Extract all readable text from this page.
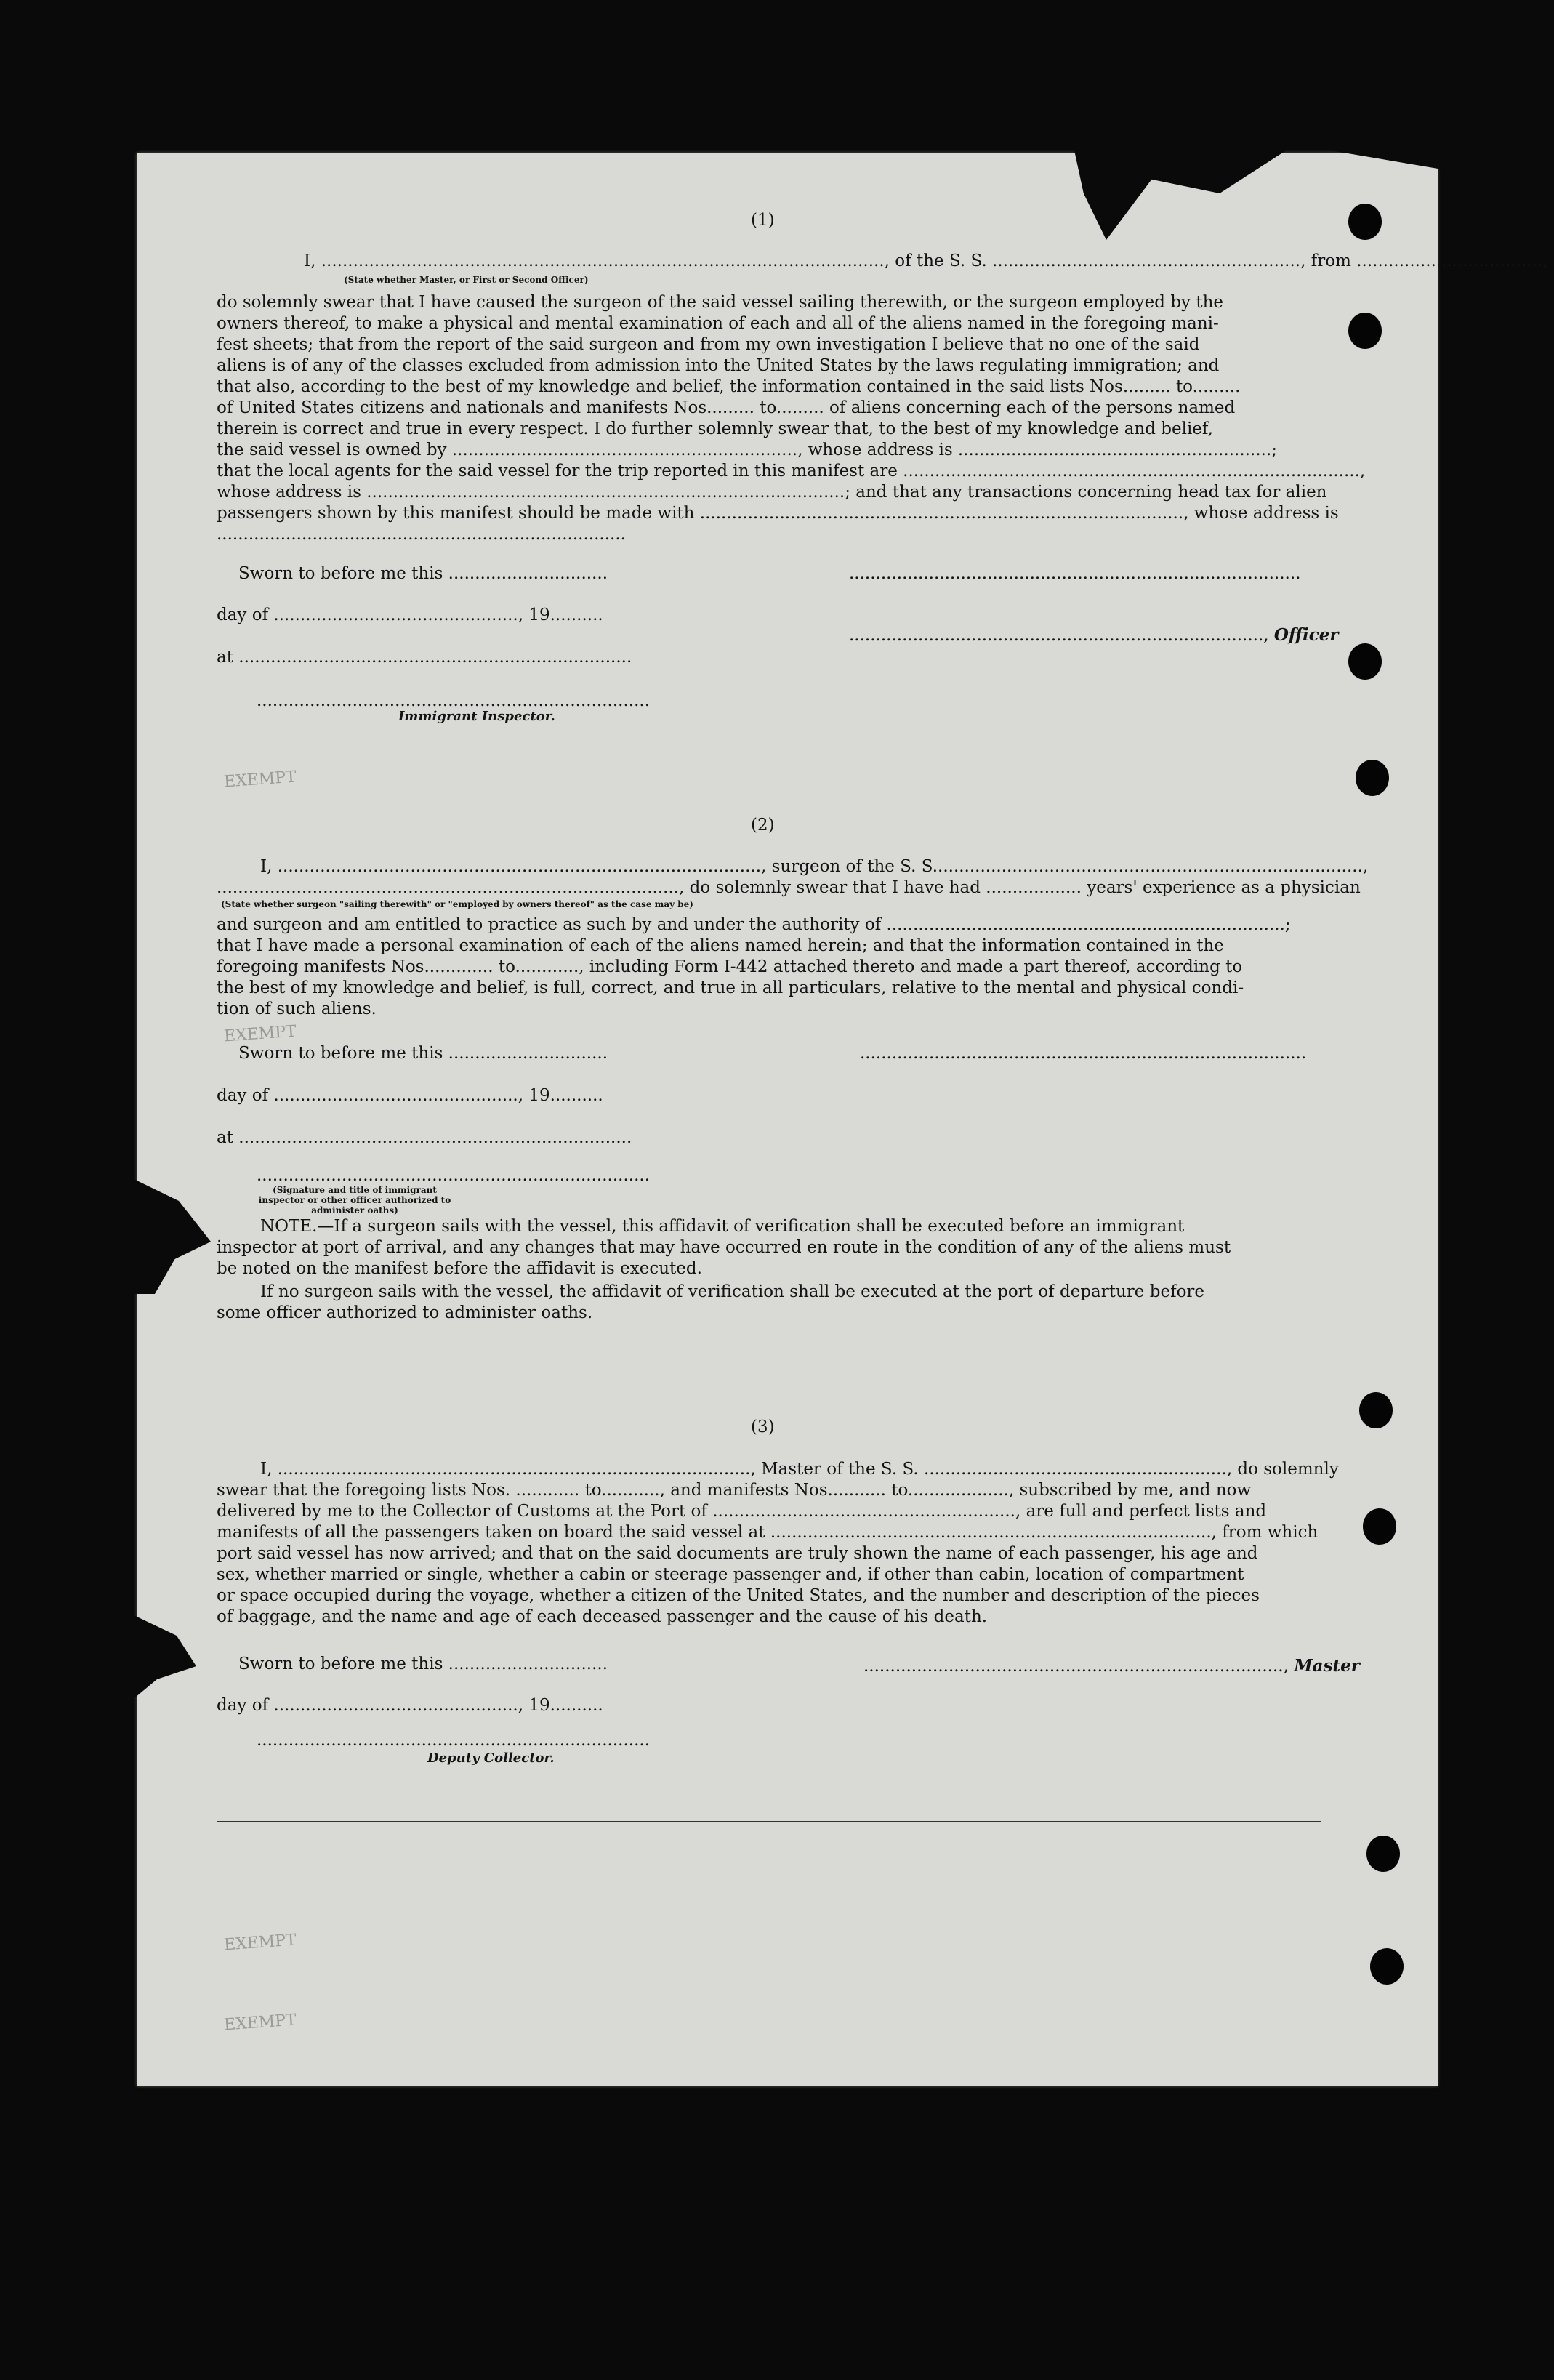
(1)
I, .........................................................................................................., of the S. S. .........................................................., from ...................................,
(State whether Master, or First or Second Officer)
do solemnly swear that I have caused the surgeon of the said vessel sailing therewith, or the surgeon employed by the
owners thereof, to make a physical and mental examination of each and all of the aliens named in the foregoing mani-
fest sheets; that from the report of the said surgeon and from my own investigation I believe that no one of the said
aliens is of any of the classes excluded from admission into the United States by the laws regulating immigration; and
that also, according to the best of my knowledge and belief, the information contained in the said lists Nos......... to.........
of United States citizens and nationals and manifests Nos......... to......... of aliens concerning each of the persons named
therein is correct and true in every respect. I do further solemnly swear that, to the best of my knowledge and belief,
the said vessel is owned by ................................................................., whose address is ...........................................................;
that the local agents for the said vessel for the trip reported in this manifest are ......................................................................................,
whose address is ..........................................................................................; and that any transactions concerning head tax for alien
passengers shown by this manifest should be made with ..........................................................................................., whose address is
.............................................................................
Sworn to before me this ..............................	.....................................................................................
day of .............................................., 19..........
.............................................................................., Officer
at ..........................................................................
..........................................................................
Immigrant Inspector.
(2)
I, ..........................................................................................., surgeon of the S. S.................................................................................,
......................................................................................., do solemnly swear that I have had .................. years' experience as a physician
(State whether surgeon "sailing therewith" or "employed by owners thereof" as the case may be)
and surgeon and am entitled to practice as such by and under the authority of ...........................................................................;
that I have made a personal examination of each of the aliens named herein; and that the information contained in the
foregoing manifests Nos............. to............, including Form I-442 attached thereto and made a part thereof, according to
the best of my knowledge and belief, is full, correct, and true in all particulars, relative to the mental and physical condi-
tion of such aliens.
Sworn to before me this ..............................	....................................................................................
day of .............................................., 19..........
at ..........................................................................
..........................................................................
(Signature and title of immigrant inspector or other officer authorized to administer oaths)
NOTE.—If a surgeon sails with the vessel, this affidavit of verification shall be executed before an immigrant
inspector at port of arrival, and any changes that may have occurred en route in the condition of any of the aliens must
be noted on the manifest before the affidavit is executed.
If no surgeon sails with the vessel, the affidavit of verification shall be executed at the port of departure before
some officer authorized to administer oaths.
(3)
I, ........................................................................................., Master of the S. S. ........................................................., do solemnly
swear that the foregoing lists Nos. ............ to..........., and manifests Nos........... to..................., subscribed by me, and now
delivered by me to the Collector of Customs at the Port of ........................................................., are full and perfect lists and
manifests of all the passengers taken on board the said vessel at ..................................................................................., from which
port said vessel has now arrived; and that on the said documents are truly shown the name of each passenger, his age and
sex, whether married or single, whether a cabin or steerage passenger and, if other than cabin, location of compartment
or space occupied during the voyage, whether a citizen of the United States, and the number and description of the pieces
of baggage, and the name and age of each deceased passenger and the cause of his death.
Sworn to before me this ..............................	..............................................................................., Master
day of .............................................., 19..........
..........................................................................
Deputy Collector.
EXEMPT
EXEMPT
EXEMPT
EXEMPT
